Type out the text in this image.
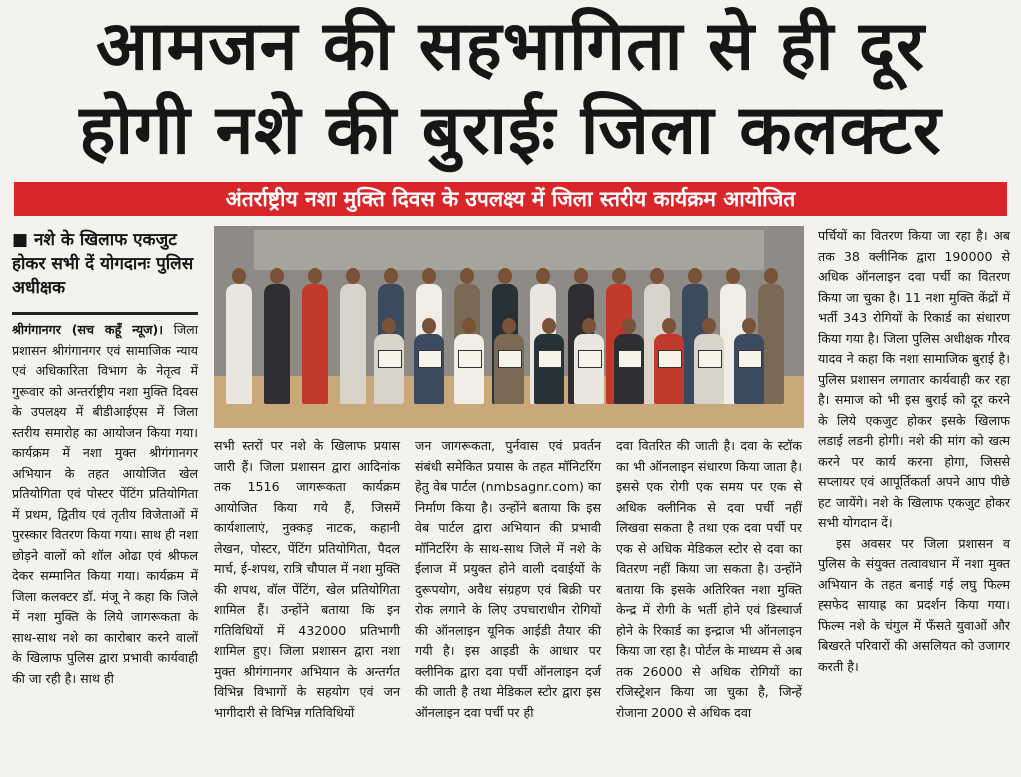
आमजन की सहभागिता से ही दूर
होगी नशे की बुराईः जिला कलक्टर
अंतर्राष्ट्रीय नशा मुक्ति दिवस के उपलक्ष्य में जिला स्तरीय कार्यक्रम आयोजित
■ नशे के खिलाफ एकजुट होकर सभी दें योगदानः पुलिस अधीक्षक

श्रीगंगानगर (सच कहूँ न्यूज)। जिला प्रशासन श्रीगंगानगर एवं सामाजिक न्याय एवं अधिकारिता विभाग के नेतृत्व में गुरूवार को अन्तर्राष्ट्रीय नशा मुक्ति दिवस के उपलक्ष्य में बीडीआईएस में जिला स्तरीय समारोह का आयोजन किया गया। कार्यक्रम में नशा मुक्त श्रीगंगानगर अभियान के तहत आयोजित खेल प्रतियोगिता एवं पोस्टर पेंटिंग प्रतियोगिता में प्रथम, द्वितीय एवं तृतीय विजेताओं में पुरस्कार वितरण किया गया। साथ ही नशा छोड़ने वालों को शॉल ओढा एवं श्रीफल देकर सम्मानित किया गया। कार्यक्रम में जिला कलक्टर डॉ. मंजू ने कहा कि जिले में नशा मुक्ति के लिये जागरूकता के साथ-साथ नशे का कारोबार करने वालों के खिलाफ पुलिस द्वारा प्रभावी कार्यवाही की जा रही है। साथ ही

सभी स्तरों पर नशे के खिलाफ प्रयास जारी हैं। जिला प्रशासन द्वारा आदिनांक तक 1516 जागरूकता कार्यक्रम आयोजित किया गये हैं, जिसमें कार्यशालाएं, नुक्कड़ नाटक, कहानी लेखन, पोस्टर, पेंटिंग प्रतियोगिता, पैदल मार्च, ई-शपथ, रात्रि चौपाल में नशा मुक्ति की शपथ, वॉल पेंटिंग, खेल प्रतियोगिता शामिल हैं। उन्होंने बताया कि इन गतिविधियों में 432000 प्रतिभागी शामिल हुए। जिला प्रशासन द्वारा नशा मुक्त श्रीगंगानगर अभियान के अन्तर्गत विभिन्न विभागों के सहयोग एवं जन भागीदारी से विभिन्न गतिविधियों

जन जागरूकता, पुर्नवास एवं प्रवर्तन संबंधी समेकित प्रयास के तहत मॉनिटरिंग हेतु वेब पार्टल (nmbsagnr.com) का निर्माण किया है। उन्होंने बताया कि इस वेब पार्टल द्वारा अभियान की प्रभावी मॉनिटरिंग के साथ-साथ जिले में नशे के ईलाज में प्रयुक्त होने वाली दवाईयों के दुरूपयोग, अवैध संग्रहण एवं बिक्री पर रोक लगाने के लिए उपचाराधीन रोगियों की ऑनलाइन यूनिक आईडी तैयार की गयी है। इस आइडी के आधार पर क्लीनिक द्वारा दवा पर्ची ऑनलाइन दर्ज की जाती है तथा मेडिकल स्टोर द्वारा इस ऑनलाइन दवा पर्ची पर ही

दवा वितरित की जाती है। दवा के स्टॉक का भी ऑनलाइन संधारण किया जाता है। इससे एक रोगी एक समय पर एक से अधिक क्लीनिक से दवा पर्ची नहीं लिखवा सकता है तथा एक दवा पर्ची पर एक से अधिक मेडिकल स्टोर से दवा का वितरण नहीं किया जा सकता है। उन्होंने बताया कि इसके अतिरिक्त नशा मुक्ति केन्द्र में रोगी के भर्ती होने एवं डिस्चार्ज होने के रिकार्ड का इन्द्राज भी ऑनलाइन किया जा रहा है। पोर्टल के माध्यम से अब तक 26000 से अधिक रोगियों का रजिस्ट्रेशन किया जा चुका है, जिन्हें रोजाना 2000 से अधिक दवा

पर्चियों का वितरण किया जा रहा है। अब तक 38 क्लीनिक द्वारा 190000 से अधिक ऑनलाइन दवा पर्ची का वितरण किया जा चुका है। 11 नशा मुक्ति केंद्रों में भर्ती 343 रोगियों के रिकार्ड का संधारण किया गया है। जिला पुलिस अधीक्षक गौरव यादव ने कहा कि नशा सामाजिक बुराई है। पुलिस प्रशासन लगातार कार्यवाही कर रहा है। समाज को भी इस बुराई को दूर करने के लिये एकजुट होकर इसके खिलाफ लडाई लडनी होगी। नशे की मांग को खत्म करने पर कार्य करना होगा, जिससे सप्लायर एवं आपूर्तिकर्ता अपने आप पीछे हट जायेंगे। नशे के खिलाफ एकजुट होकर सभी योगदान दें।

इस अवसर पर जिला प्रशासन व पुलिस के संयुक्त तत्वावधान में नशा मुक्त अभियान के तहत बनाई गई लघु फिल्म ह्सफेद सायाह्र का प्रदर्शन किया गया। फिल्म नशे के चंगुल में फँसते युवाओं और बिखरते परिवारों की असलियत को उजागर करती है।
